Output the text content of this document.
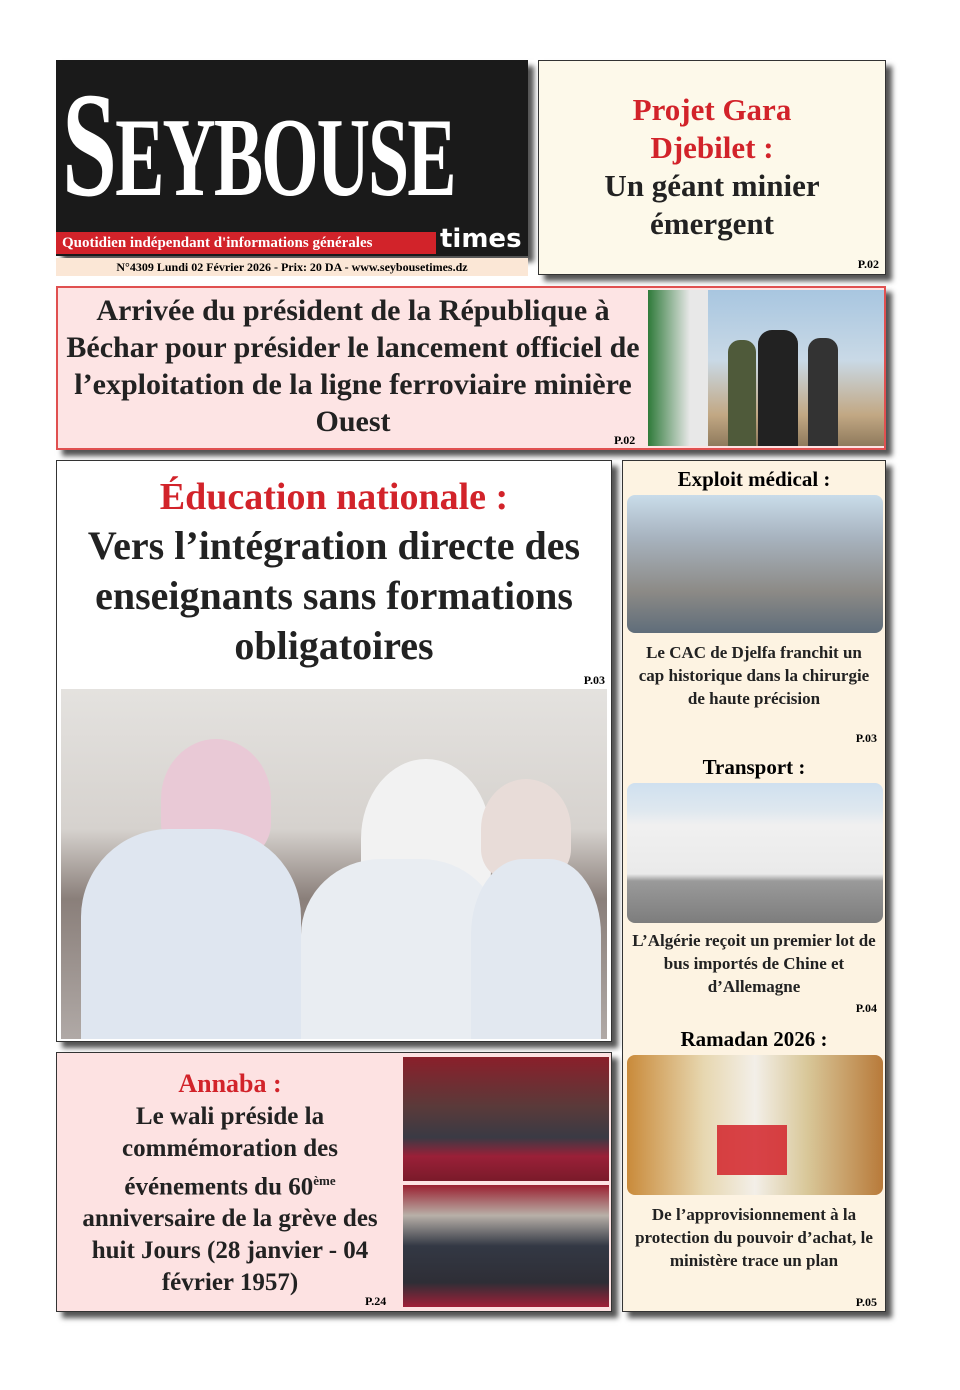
SEYBOUSE
Quotidien indépendant d'informations générales	times
N°4309 Lundi 02 Février 2026 - Prix: 20 DA - www.seybousetimes.dz
Projet Gara Djebilet :
Un géant minier émergent
P.02
Arrivée du président de la République à Béchar pour présider le lancement officiel de l’exploitation de la ligne ferroviaire minière Ouest
P.02
Éducation nationale :
Vers l’intégration directe des enseignants sans formations obligatoires
P.03
Exploit médical :
Le CAC de Djelfa franchit un cap historique dans la chirurgie de haute précision
P.03
Transport :
L’Algérie reçoit un premier lot de bus importés de Chine et d’Allemagne
P.04
Ramadan 2026 :
De l’approvisionnement à la protection du pouvoir d’achat, le ministère trace un plan
P.05
Annaba :
Le wali préside la commémoration des événements du 60ème anniversaire de la grève des huit Jours (28 janvier - 04 février 1957)
P.24
